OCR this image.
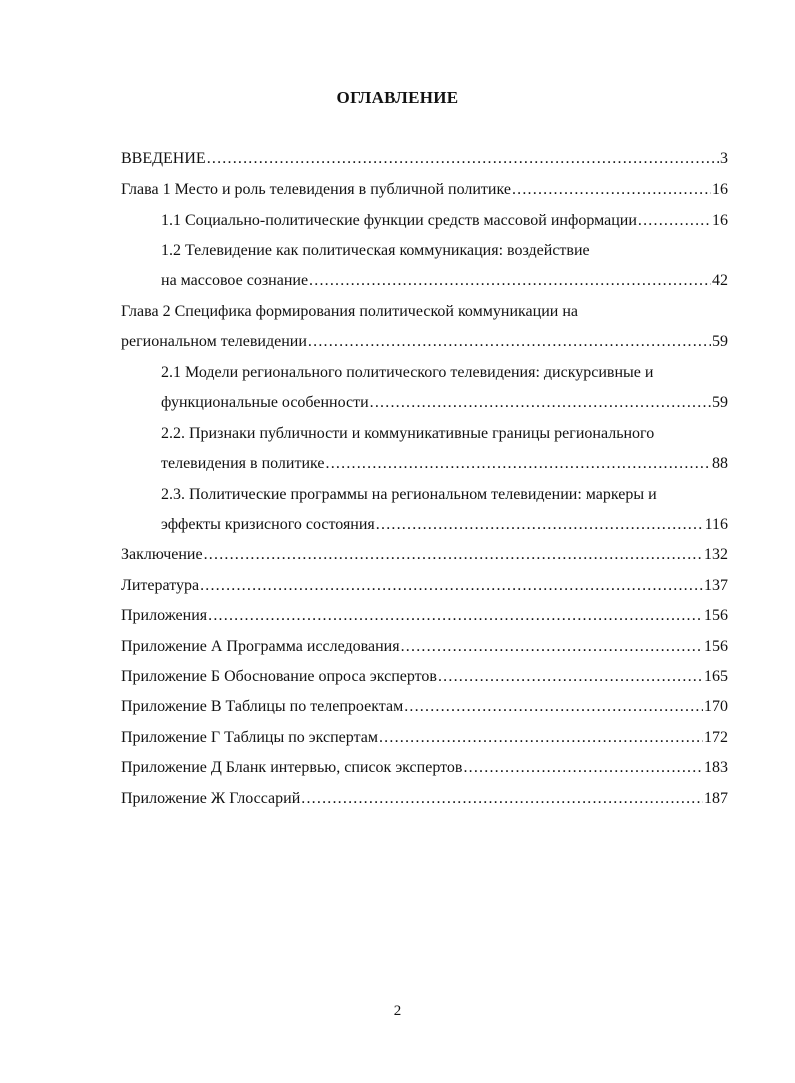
ОГЛАВЛЕНИЕ
ВВЕДЕНИЕ . . .	3
Глава 1 Место и роль телевидения в публичной политике . . .	16
1.1 Социально-политические функции средств массовой информации . . .	16
1.2 Телевидение как политическая коммуникация: воздействие
на массовое сознание . . .	42
Глава 2 Специфика формирования политической коммуникации на
региональном телевидении . . .	59
2.1 Модели регионального политического телевидения: дискурсивные и
функциональные особенности . . .	59
2.2. Признаки публичности и коммуникативные границы регионального
телевидения в политике . . .	88
2.3. Политические программы на региональном телевидении: маркеры и
эффекты кризисного состояния . . .	116
Заключение . . .	132
Литература . . .	137
Приложения . . .	156
Приложение А Программа исследования . . .	156
Приложение Б Обоснование опроса экспертов . . .	165
Приложение В Таблицы по телепроектам . . .	170
Приложение Г Таблицы по экспертам . . .	172
Приложение Д Бланк интервью, список экспертов . . .	183
Приложение Ж Глоссарий . . .	187
2
